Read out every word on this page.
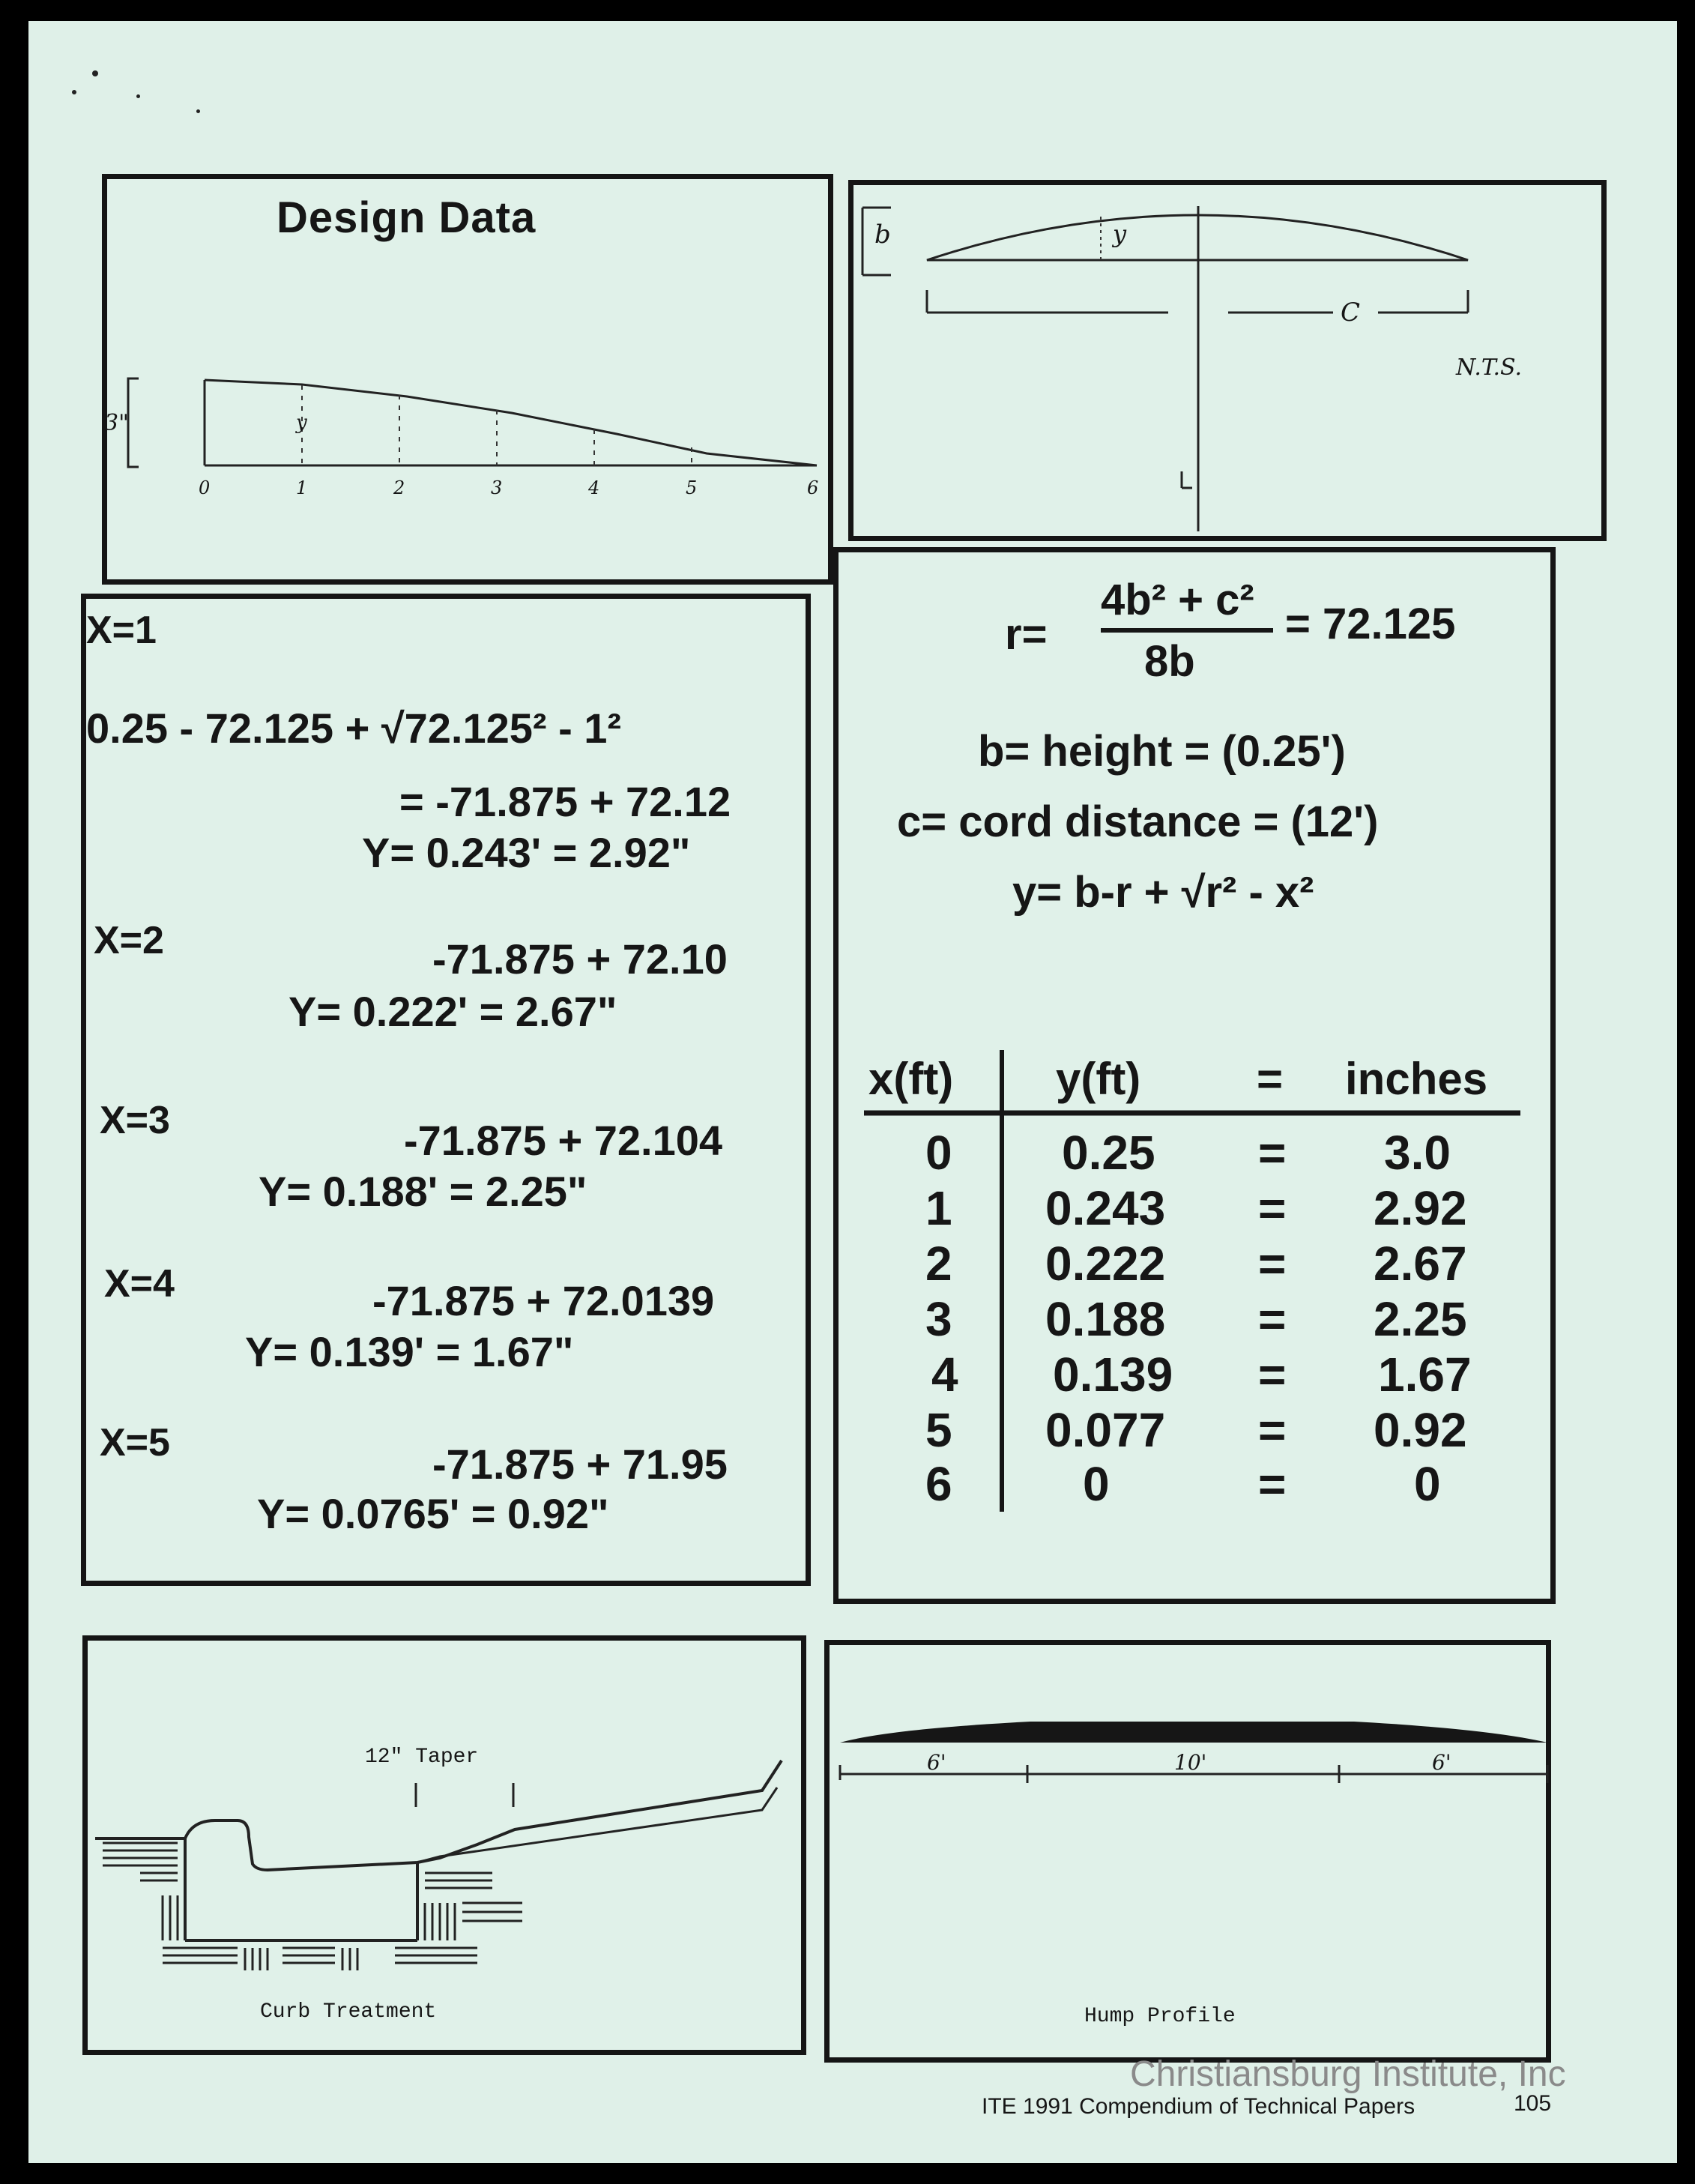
Design Data
3"	y
0	1	2	3	4	5	6
b	y
C
N.T.S.
X=1
0.25 - 72.125 + √72.125² - 1²
= -71.875 + 72.12
Y= 0.243' = 2.92"
X=2	-71.875 + 72.10
Y= 0.222' = 2.67"
X=3	-71.875 + 72.104
Y= 0.188' = 2.25"
X=4	-71.875 + 72.0139
Y= 0.139' = 1.67"
X=5	-71.875 + 71.95
Y= 0.0765' = 0.92"
r=
4b² + c²
8b
= 72.125
b= height = (0.25')
c= cord distance = (12')
y= b-r + √r² - x²
x(ft) y(ft)	= inches
0 0.25 = 3.0
1 0.243 = 2.92
2 0.222 = 2.67
3 0.188 = 2.25
4 0.139 = 1.67
5 0.077 = 0.92
6	0	=	0
12" Taper
Curb Treatment
6'	10'	6'
Hump Profile
Christiansburg Institute, Inc
ITE 1991 Compendium of Technical Papers	105
